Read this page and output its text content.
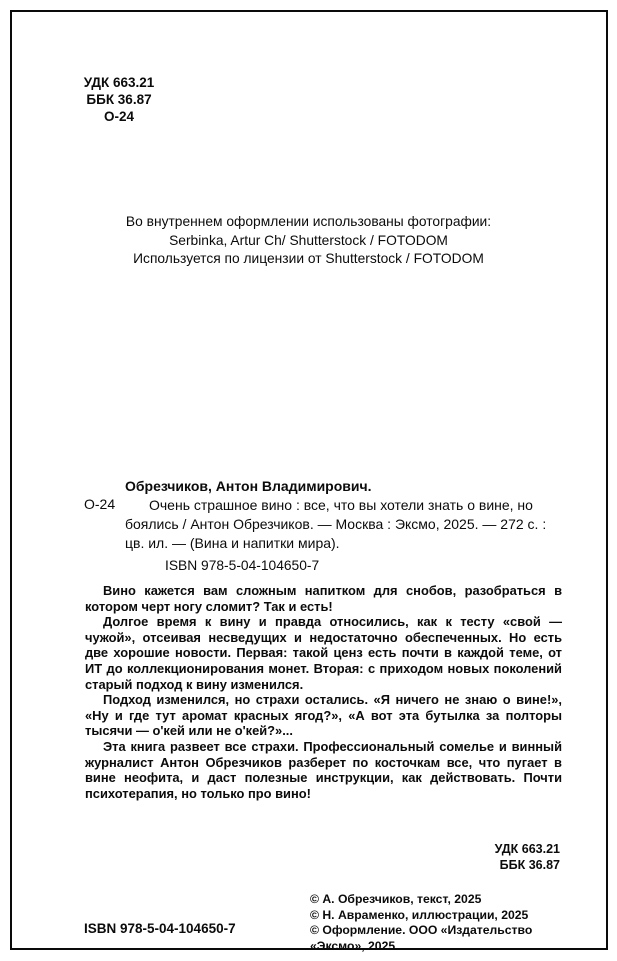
УДК 663.21
ББК 36.87
О-24
Во внутреннем оформлении использованы фотографии:
Serbinka, Artur Ch/ Shutterstock / FOTODOM
Используется по лицензии от Shutterstock / FOTODOM
О-24
Обрезчиков, Антон Владимирович.

Очень страшное вино : все, что вы хотели знать о вине, но боялись / Антон Обрезчиков. — Москва : Эксмо, 2025. — 272 с. : цв. ил. — (Вина и напитки мира).

ISBN 978-5-04-104650-7

Вино кажется вам сложным напитком для снобов, разобраться в котором черт ногу сломит? Так и есть!

Долгое время к вину и правда относились, как к тесту «свой — чужой», отсеивая несведущих и недостаточно обеспеченных. Но есть две хорошие новости. Первая: такой ценз есть почти в каждой теме, от ИТ до коллекционирования монет. Вторая: с приходом новых поколений старый подход к вину изменился.

Подход изменился, но страхи остались. «Я ничего не знаю о вине!», «Ну и где тут аромат красных ягод?», «А вот эта бутылка за полторы тысячи — о'кей или не о'кей?»...

Эта книга развеет все страхи. Профессиональный сомелье и винный журналист Антон Обрезчиков разберет по косточкам все, что пугает в вине неофита, и даст полезные инструкции, как действовать. Почти психотерапия, но только про вино!

УДК 663.21
ББК 36.87
© А. Обрезчиков, текст, 2025
© Н. Авраменко, иллюстрации, 2025
© Оформление. ООО «Издательство «Эксмо», 2025
ISBN 978-5-04-104650-7
